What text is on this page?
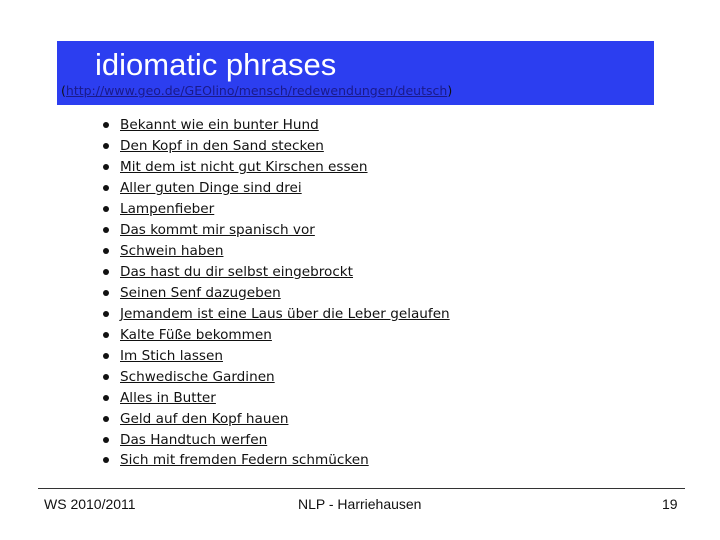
idiomatic phrases
(http://www.geo.de/GEOlino/mensch/redewendungen/deutsch)
Bekannt wie ein bunter Hund
Den Kopf in den Sand stecken
Mit dem ist nicht gut Kirschen essen
Aller guten Dinge sind drei
Lampenfieber
Das kommt mir spanisch vor
Schwein haben
Das hast du dir selbst eingebrockt
Seinen Senf dazugeben
Jemandem ist eine Laus über die Leber gelaufen
Kalte Füße bekommen
Im Stich lassen
Schwedische Gardinen
Alles in Butter
Geld auf den Kopf hauen
Das Handtuch werfen
Sich mit fremden Federn schmücken
WS 2010/2011	NLP - Harriehausen	19
